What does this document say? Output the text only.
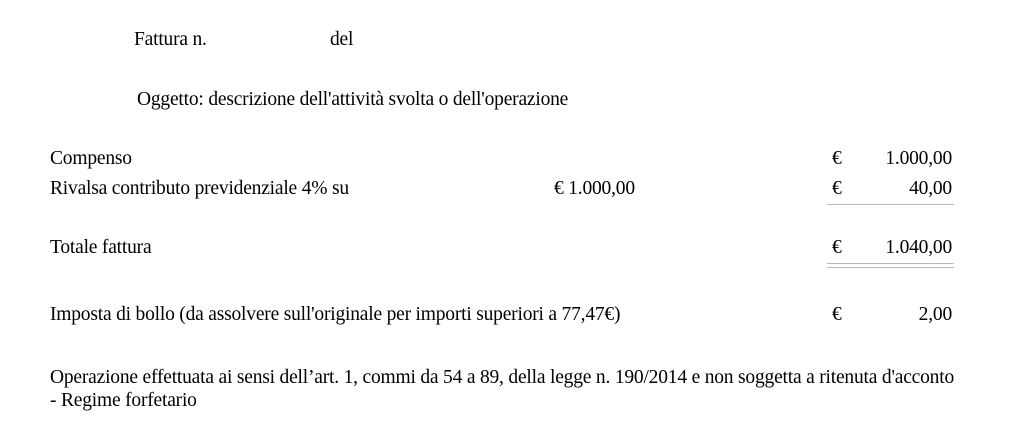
Fattura n.	del
Oggetto: descrizione dell'attività svolta o dell'operazione
Compenso	€	1.000,00
Rivalsa contributo previdenziale 4% su	€ 1.000,00	€	40,00
Totale fattura	€	1.040,00
Imposta di bollo (da assolvere sull'originale per importi superiori a 77,47€)	€	2,00
Operazione effettuata ai sensi dell’art. 1, commi da 54 a 89, della legge n. 190/2014 e non soggetta a ritenuta d'acconto - Regime forfetario
